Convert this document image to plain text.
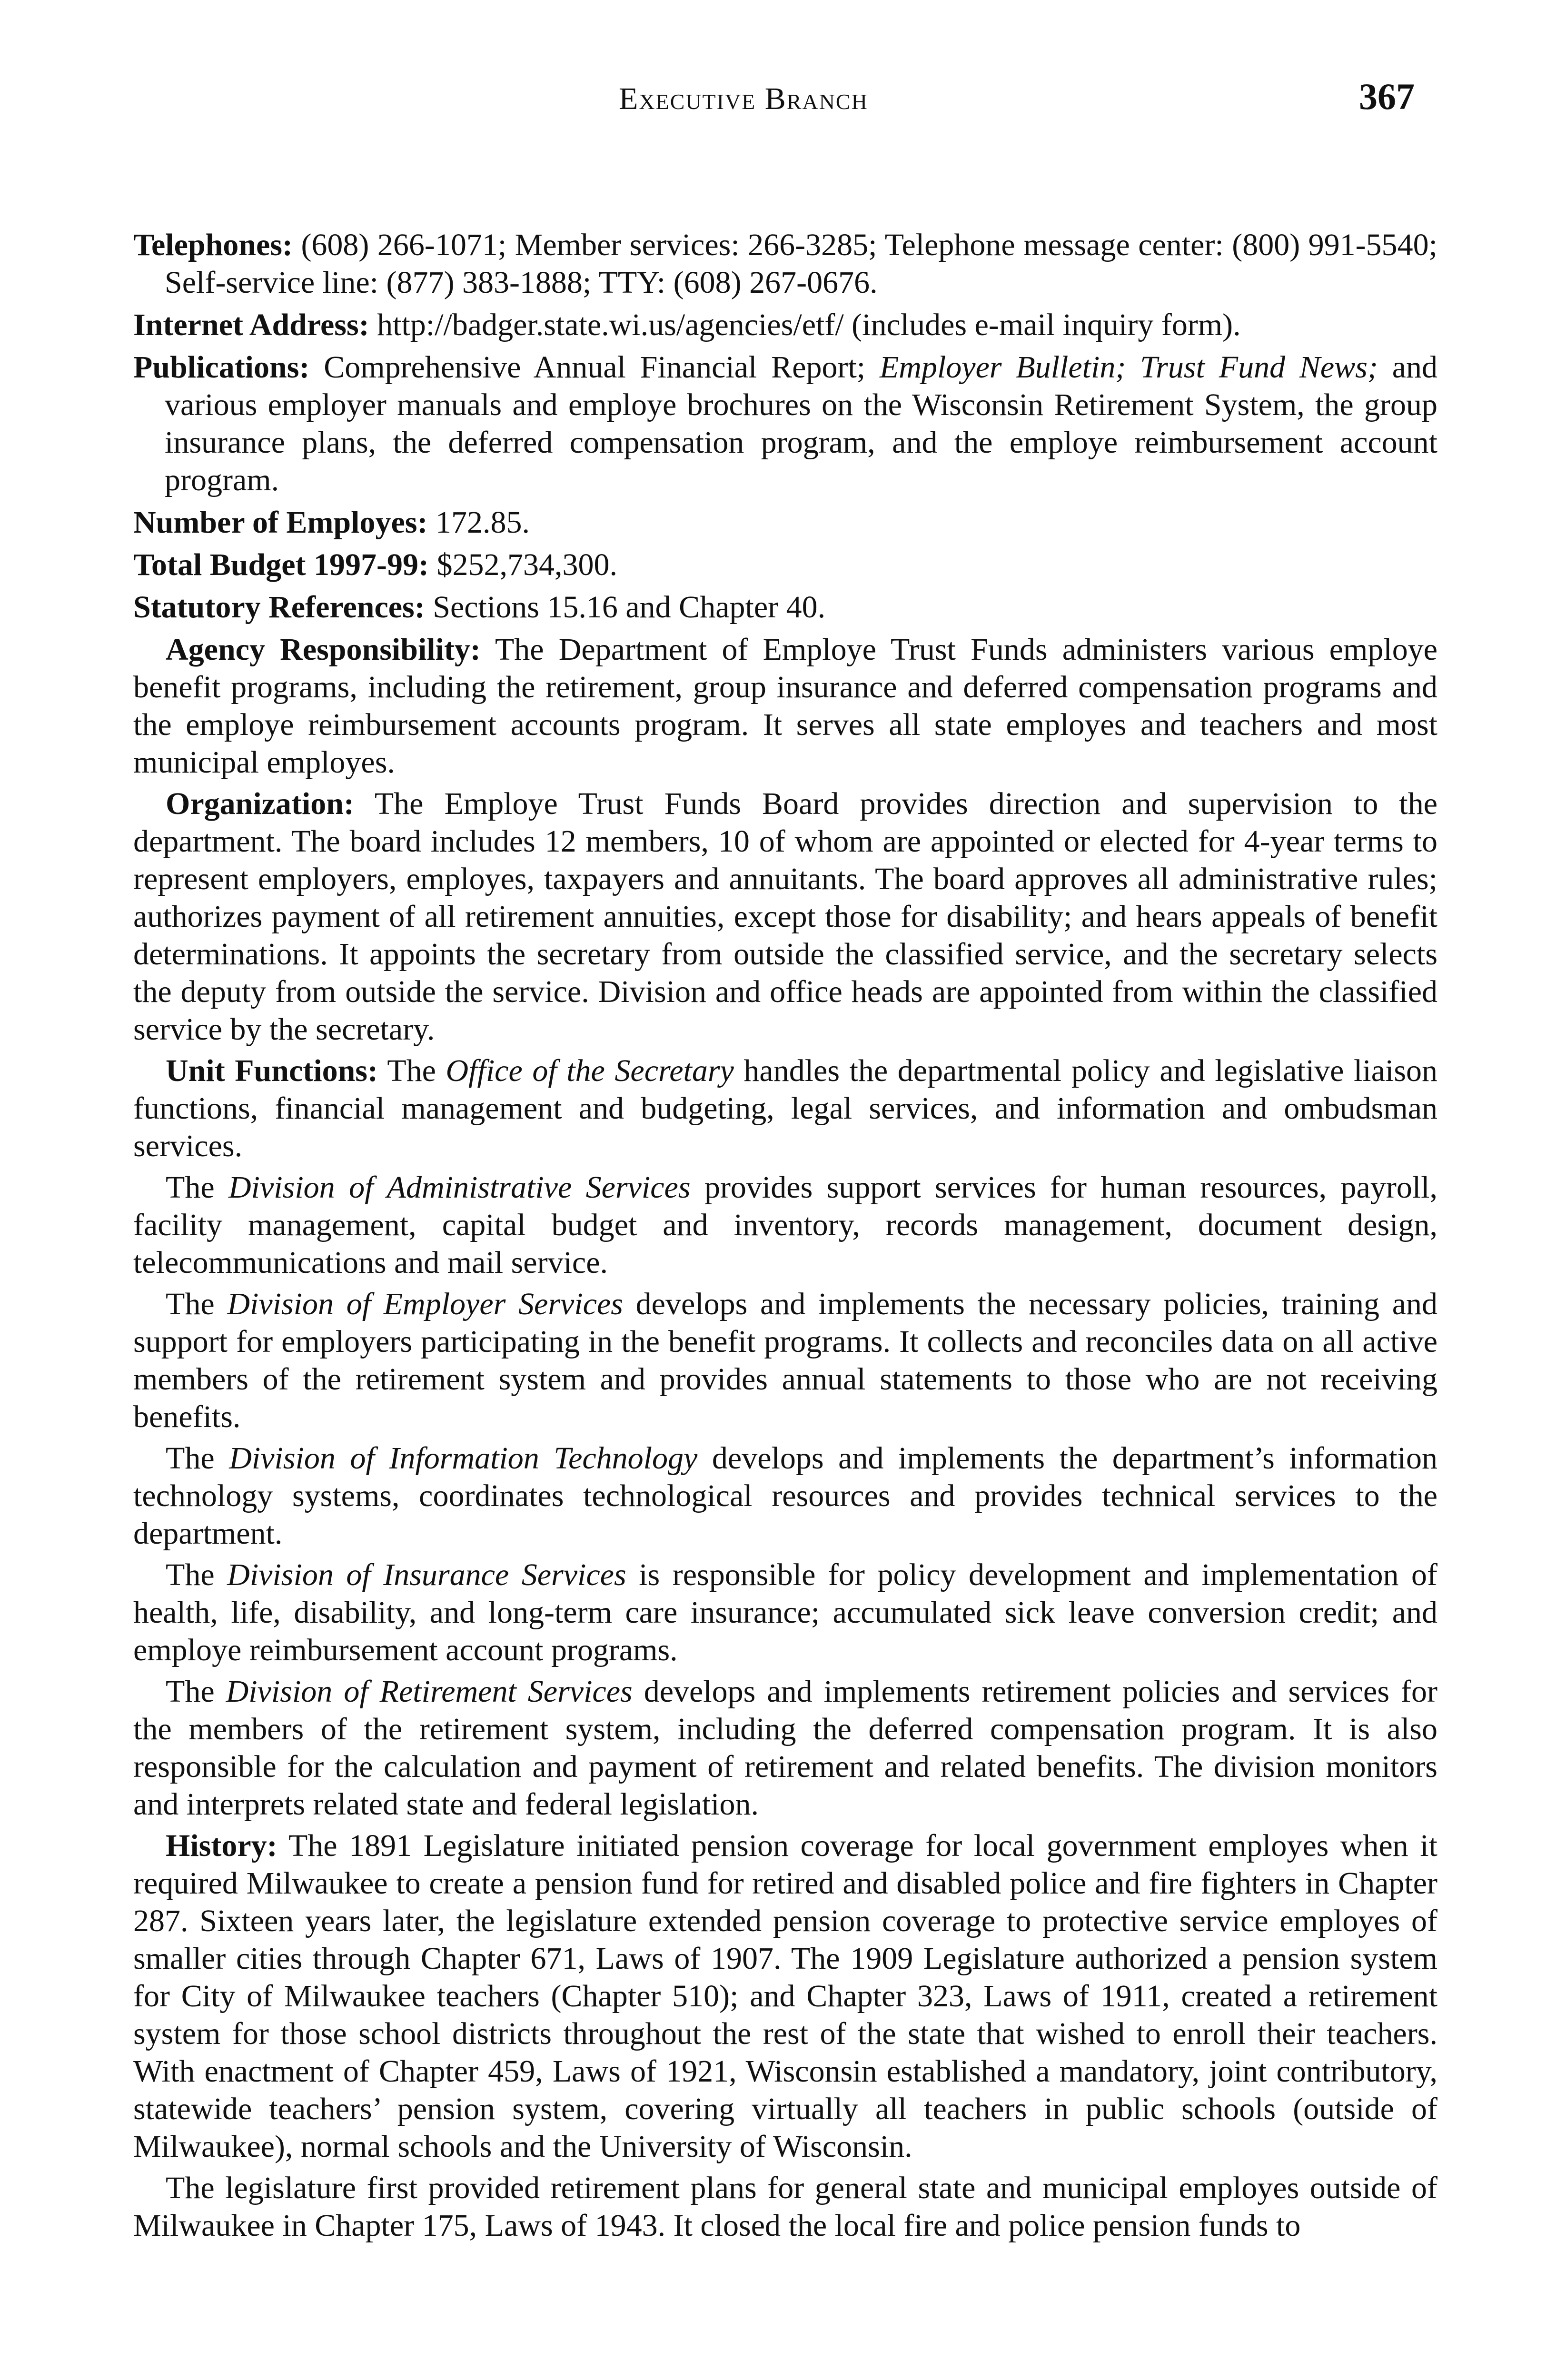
Executive Branch	367

Telephones: (608) 266-1071; Member services: 266-3285; Telephone message center: (800) 991-5540; Self-service line: (877) 383-1888; TTY: (608) 267-0676.

Internet Address: http://badger.state.wi.us/agencies/etf/ (includes e-mail inquiry form).

Publications: Comprehensive Annual Financial Report; Employer Bulletin; Trust Fund News; and various employer manuals and employe brochures on the Wisconsin Retirement System, the group insurance plans, the deferred compensation program, and the employe reimbursement account program.

Number of Employes: 172.85.

Total Budget 1997-99: $252,734,300.

Statutory References: Sections 15.16 and Chapter 40.

Agency Responsibility: The Department of Employe Trust Funds administers various employe benefit programs, including the retirement, group insurance and deferred compensation programs and the employe reimbursement accounts program. It serves all state employes and teachers and most municipal employes.

Organization: The Employe Trust Funds Board provides direction and supervision to the department. The board includes 12 members, 10 of whom are appointed or elected for 4-year terms to represent employers, employes, taxpayers and annuitants. The board approves all administrative rules; authorizes payment of all retirement annuities, except those for disability; and hears appeals of benefit determinations. It appoints the secretary from outside the classified service, and the secretary selects the deputy from outside the service. Division and office heads are appointed from within the classified service by the secretary.

Unit Functions: The Office of the Secretary handles the departmental policy and legislative liaison functions, financial management and budgeting, legal services, and information and ombudsman services.

The Division of Administrative Services provides support services for human resources, payroll, facility management, capital budget and inventory, records management, document design, telecommunications and mail service.

The Division of Employer Services develops and implements the necessary policies, training and support for employers participating in the benefit programs. It collects and reconciles data on all active members of the retirement system and provides annual statements to those who are not receiving benefits.

The Division of Information Technology develops and implements the department’s information technology systems, coordinates technological resources and provides technical services to the department.

The Division of Insurance Services is responsible for policy development and implementation of health, life, disability, and long-term care insurance; accumulated sick leave conversion credit; and employe reimbursement account programs.

The Division of Retirement Services develops and implements retirement policies and services for the members of the retirement system, including the deferred compensation program. It is also responsible for the calculation and payment of retirement and related benefits. The division monitors and interprets related state and federal legislation.

History: The 1891 Legislature initiated pension coverage for local government employes when it required Milwaukee to create a pension fund for retired and disabled police and fire fighters in Chapter 287. Sixteen years later, the legislature extended pension coverage to protective service employes of smaller cities through Chapter 671, Laws of 1907. The 1909 Legislature authorized a pension system for City of Milwaukee teachers (Chapter 510); and Chapter 323, Laws of 1911, created a retirement system for those school districts throughout the rest of the state that wished to enroll their teachers. With enactment of Chapter 459, Laws of 1921, Wisconsin established a mandatory, joint contributory, statewide teachers’ pension system, covering virtually all teachers in public schools (outside of Milwaukee), normal schools and the University of Wisconsin.

The legislature first provided retirement plans for general state and municipal employes outside of Milwaukee in Chapter 175, Laws of 1943. It closed the local fire and police pension funds to
